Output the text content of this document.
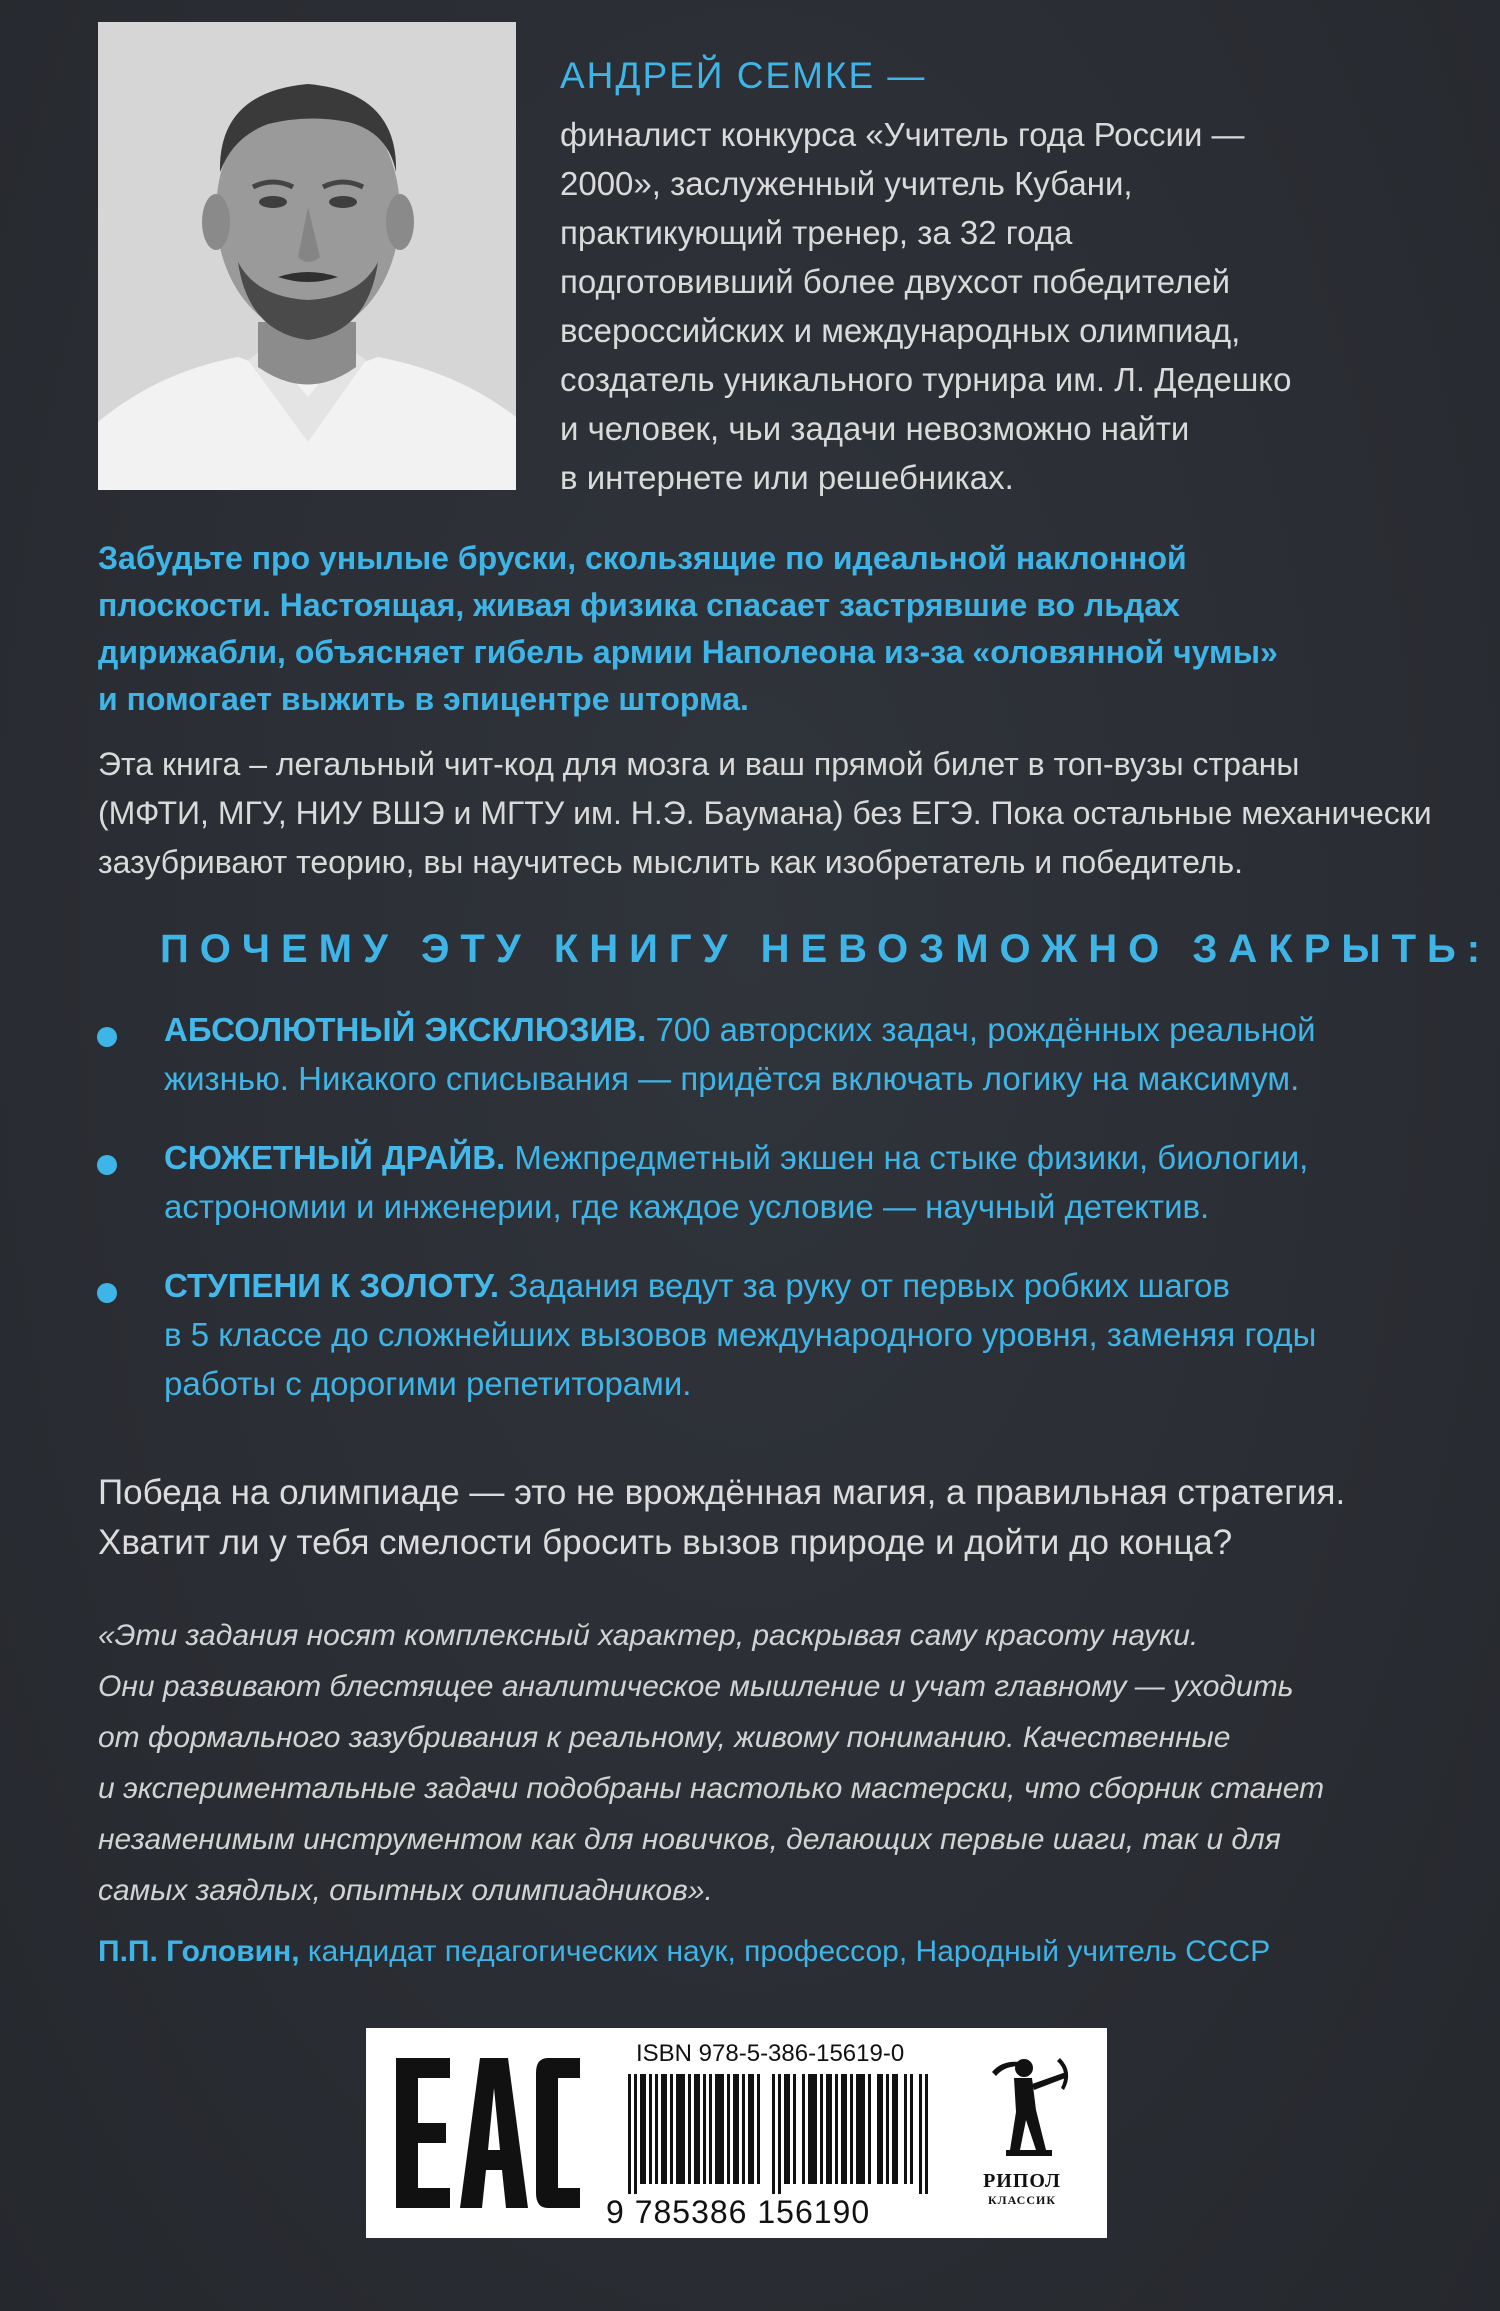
АНДРЕЙ СЕМКЕ —

финалист конкурса «Учитель года России —
2000», заслуженный учитель Кубани,
практикующий тренер, за 32 года
подготовивший более двухсот победителей
всероссийских и международных олимпиад,
создатель уникального турнира им. Л. Дедешко
и человек, чьи задачи невозможно найти
в интернете или решебниках.

Забудьте про унылые бруски, скользящие по идеальной наклонной
плоскости. Настоящая, живая физика спасает застрявшие во льдах
дирижабли, объясняет гибель армии Наполеона из-за «оловянной чумы»
и помогает выжить в эпицентре шторма.
Эта книга – легальный чит-код для мозга и ваш прямой билет в топ-вузы страны
(МФТИ, МГУ, НИУ ВШЭ и МГТУ им. Н.Э. Баумана) без ЕГЭ. Пока остальные механически
зазубривают теорию, вы научитесь мыслить как изобретатель и победитель.
ПОЧЕМУ ЭТУ КНИГУ НЕВОЗМОЖНО ЗАКРЫТЬ:
АБСОЛЮТНЫЙ ЭКСКЛЮЗИВ. 700 авторских задач, рождённых реальной
жизнью. Никакого списывания — придётся включать логику на максимум.
СЮЖЕТНЫЙ ДРАЙВ. Межпредметный экшен на стыке физики, биологии,
астрономии и инженерии, где каждое условие — научный детектив.
СТУПЕНИ К ЗОЛОТУ. Задания ведут за руку от первых робких шагов
в 5 классе до сложнейших вызовов международного уровня, заменяя годы
работы с дорогими репетиторами.
Победа на олимпиаде — это не врождённая магия, а правильная стратегия.
Хватит ли у тебя смелости бросить вызов природе и дойти до конца?
«Эти задания носят комплексный характер, раскрывая саму красоту науки.
Они развивают блестящее аналитическое мышление и учат главному — уходить
от формального зазубривания к реальному, живому пониманию. Качественные
и экспериментальные задачи подобраны настолько мастерски, что сборник станет
незаменимым инструментом как для новичков, делающих первые шаги, так и для
самых заядлых, опытных олимпиадников».
П.П. Головин, кандидат педагогических наук, профессор, Народный учитель СССР
ISBN 978-5-386-15619-0
9 785386 156190
РИПОЛ
КЛАССИК
